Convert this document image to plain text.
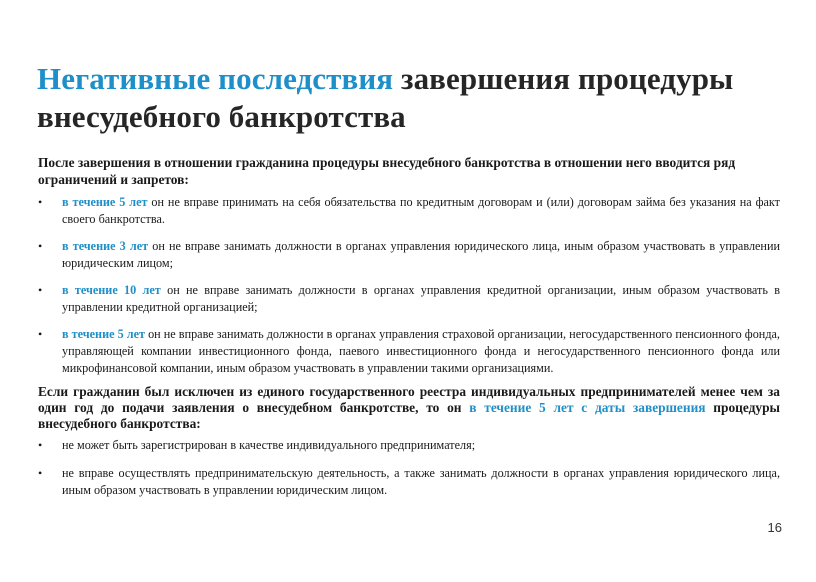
Негативные последствия завершения процедуры внесудебного банкротства

После завершения в отношении гражданина процедуры внесудебного банкротства в отношении него вводится ряд ограничений и запретов:

• в течение 5 лет он не вправе принимать на себя обязательства по кредитным договорам и (или) договорам займа без указания на факт своего банкротства.
• в течение 3 лет он не вправе занимать должности в органах управления юридического лица, иным образом участвовать в управлении юридическим лицом;
• в течение 10 лет он не вправе занимать должности в органах управления кредитной организации, иным образом участвовать в управлении кредитной организацией;
• в течение 5 лет он не вправе занимать должности в органах управления страховой организации, негосударственного пенсионного фонда, управляющей компании инвестиционного фонда, паевого инвестиционного фонда и негосударственного пенсионного фонда или микрофинансовой компании, иным образом участвовать в управлении такими организациями.

Если гражданин был исключен из единого государственного реестра индивидуальных предпринимателей менее чем за один год до подачи заявления о внесудебном банкротстве, то он в течение 5 лет с даты завершения процедуры внесудебного банкротства:

• не может быть зарегистрирован в качестве индивидуального предпринимателя;
• не вправе осуществлять предпринимательскую деятельность, а также занимать должности в органах управления юридического лица, иным образом участвовать в управлении юридическим лицом.
16
